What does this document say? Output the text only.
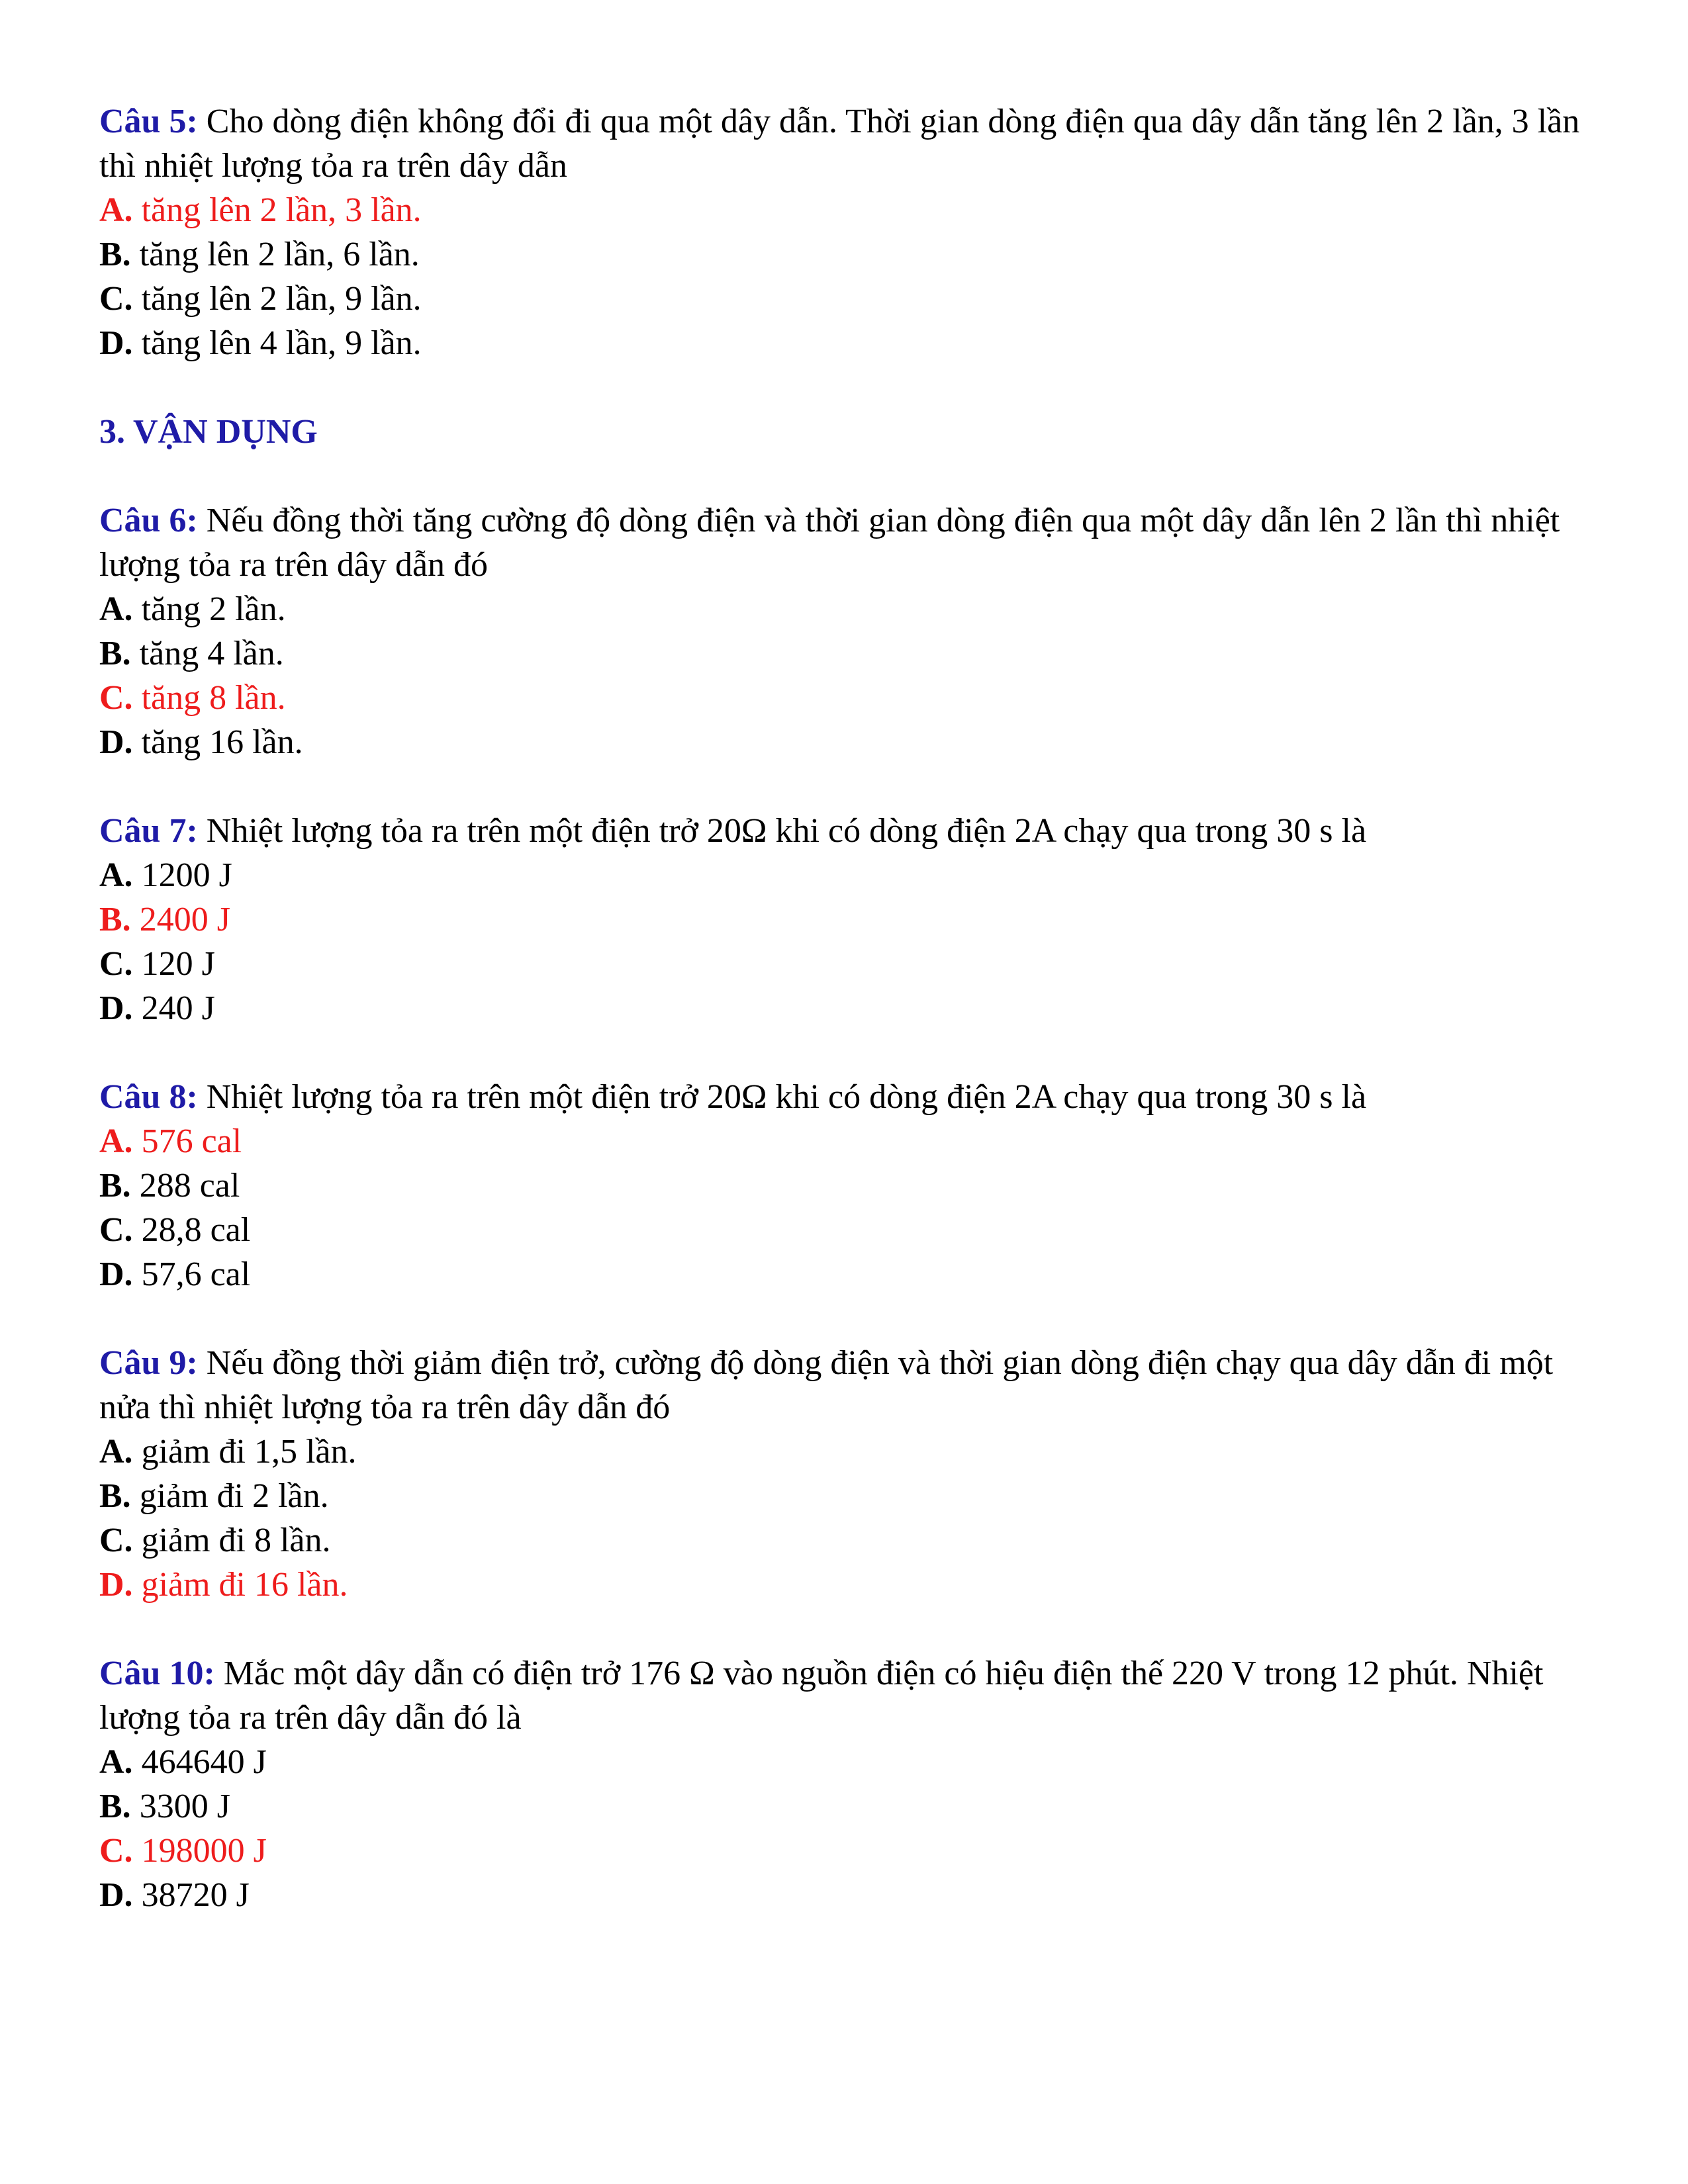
Câu 5: Cho dòng điện không đổi đi qua một dây dẫn. Thời gian dòng điện qua dây dẫn tăng lên 2 lần, 3 lần thì nhiệt lượng tỏa ra trên dây dẫn

A. tăng lên 2 lần, 3 lần.

B. tăng lên 2 lần, 6 lần.

C. tăng lên 2 lần, 9 lần.

D. tăng lên 4 lần, 9 lần.

3. VẬN DỤNG

Câu 6: Nếu đồng thời tăng cường độ dòng điện và thời gian dòng điện qua một dây dẫn lên 2 lần thì nhiệt lượng tỏa ra trên dây dẫn đó

A. tăng 2 lần.

B. tăng 4 lần.

C. tăng 8 lần.

D. tăng 16 lần.

Câu 7: Nhiệt lượng tỏa ra trên một điện trở 20Ω khi có dòng điện 2A chạy qua trong 30 s là

A. 1200 J

B. 2400 J

C. 120 J

D. 240 J

Câu 8: Nhiệt lượng tỏa ra trên một điện trở 20Ω khi có dòng điện 2A chạy qua trong 30 s là

A. 576 cal

B. 288 cal

C. 28,8 cal

D. 57,6 cal

Câu 9: Nếu đồng thời giảm điện trở, cường độ dòng điện và thời gian dòng điện chạy qua dây dẫn đi một nửa thì nhiệt lượng tỏa ra trên dây dẫn đó

A. giảm đi 1,5 lần.

B. giảm đi 2 lần.

C. giảm đi 8 lần.

D. giảm đi 16 lần.

Câu 10: Mắc một dây dẫn có điện trở 176 Ω vào nguồn điện có hiệu điện thế 220 V trong 12 phút. Nhiệt lượng tỏa ra trên dây dẫn đó là

A. 464640 J

B. 3300 J

C. 198000 J

D. 38720 J
